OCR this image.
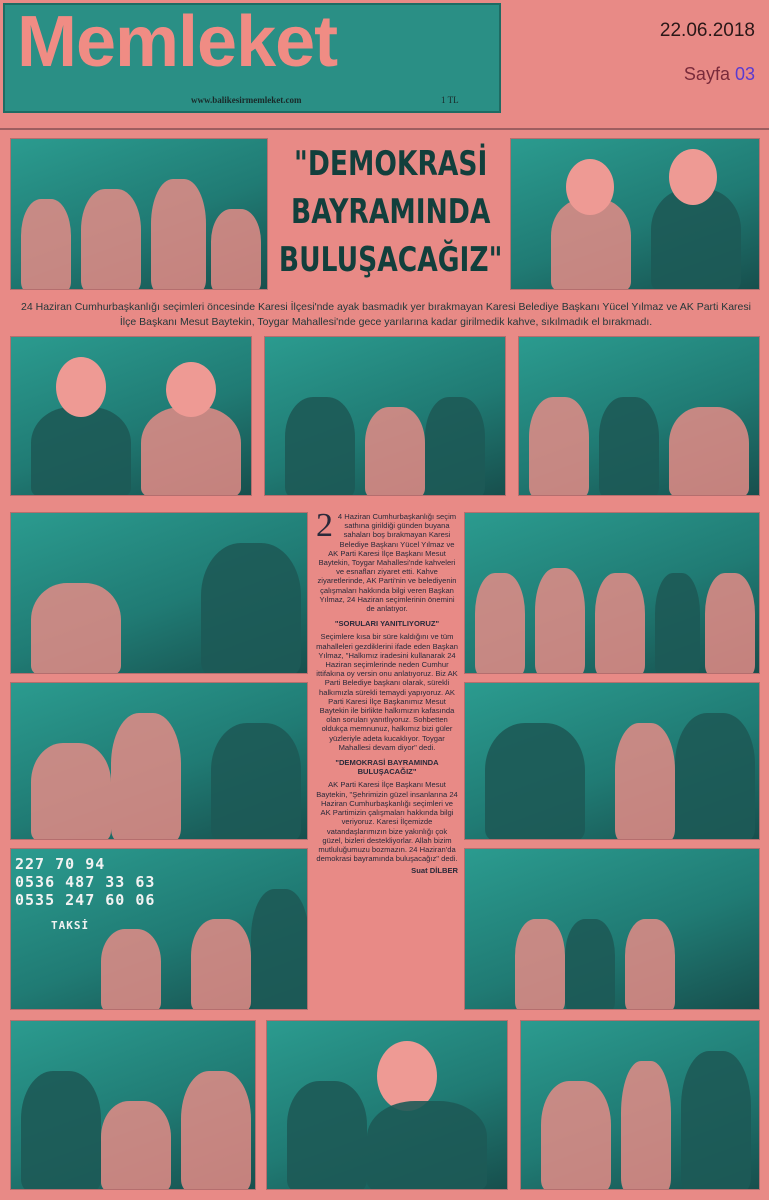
Memleket
www.balikesirmemleket.com	1 TL
22.06.2018
Sayfa 03
"DEMOKRASİ
BAYRAMINDA
BULUŞACAĞIZ"
24 Haziran Cumhurbaşkanlığı seçimleri öncesinde Karesi İlçesi'nde ayak basmadık yer bırakmayan Karesi Belediye Başkanı Yücel Yılmaz ve AK Parti Karesi İlçe Başkanı Mesut Baytekin, Toygar Mahallesi'nde gece yarılarına kadar girilmedik kahve, sıkılmadık el bırakmadı.
227 70 94
0536 487 33 63
0535 247 60 06
TAKSİ

2 4 Haziran Cumhurbaşkanlığı seçim sathına girildiği günden buyana sahaları boş bırakmayan Karesi Belediye Başkanı Yücel Yılmaz ve AK Parti Karesi İlçe Başkanı Mesut Baytekin, Toygar Mahallesi'nde kahveleri ve esnafları ziyaret etti. Kahve ziyaretlerinde, AK Parti'nin ve belediyenin çalışmaları hakkında bilgi veren Başkan Yılmaz, 24 Haziran seçimlerinin önemini de anlatıyor.

"SORULARI YANITLIYORUZ"

Seçimlere kısa bir süre kaldığını ve tüm mahalleleri gezdiklerini ifade eden Başkan Yılmaz, "Halkımız iradesini kullanarak 24 Haziran seçimlerinde neden Cumhur ittifakına oy versin onu anlatıyoruz. Biz AK Parti Belediye başkanı olarak, sürekli halkımızla sürekli temaydi yapıyoruz. AK Parti Karesi İlçe Başkanımız Mesut Baytekin ile birlikte halkımızın kafasında olan soruları yanıtlıyoruz. Sohbetten oldukça memnunuz, halkımız bizi güler yüzleriyle adeta kucaklıyor. Toygar Mahallesi devam diyor" dedi.

"DEMOKRASİ BAYRAMINDA BULUŞACAĞIZ"

AK Parti Karesi İlçe Başkanı Mesut Baytekin, "Şehrimizin güzel insanlarına 24 Haziran Cumhurbaşkanlığı seçimleri ve AK Partimizin çalışmaları hakkında bilgi veriyoruz. Karesi İlçemizde vatandaşlarımızın bize yakınlığı çok güzel, bizleri destekliyorlar. Allah bizim mutluluğumuzu bozmazın. 24 Haziran'da demokrasi bayramında buluşacağız" dedi.

Suat DİLBER
